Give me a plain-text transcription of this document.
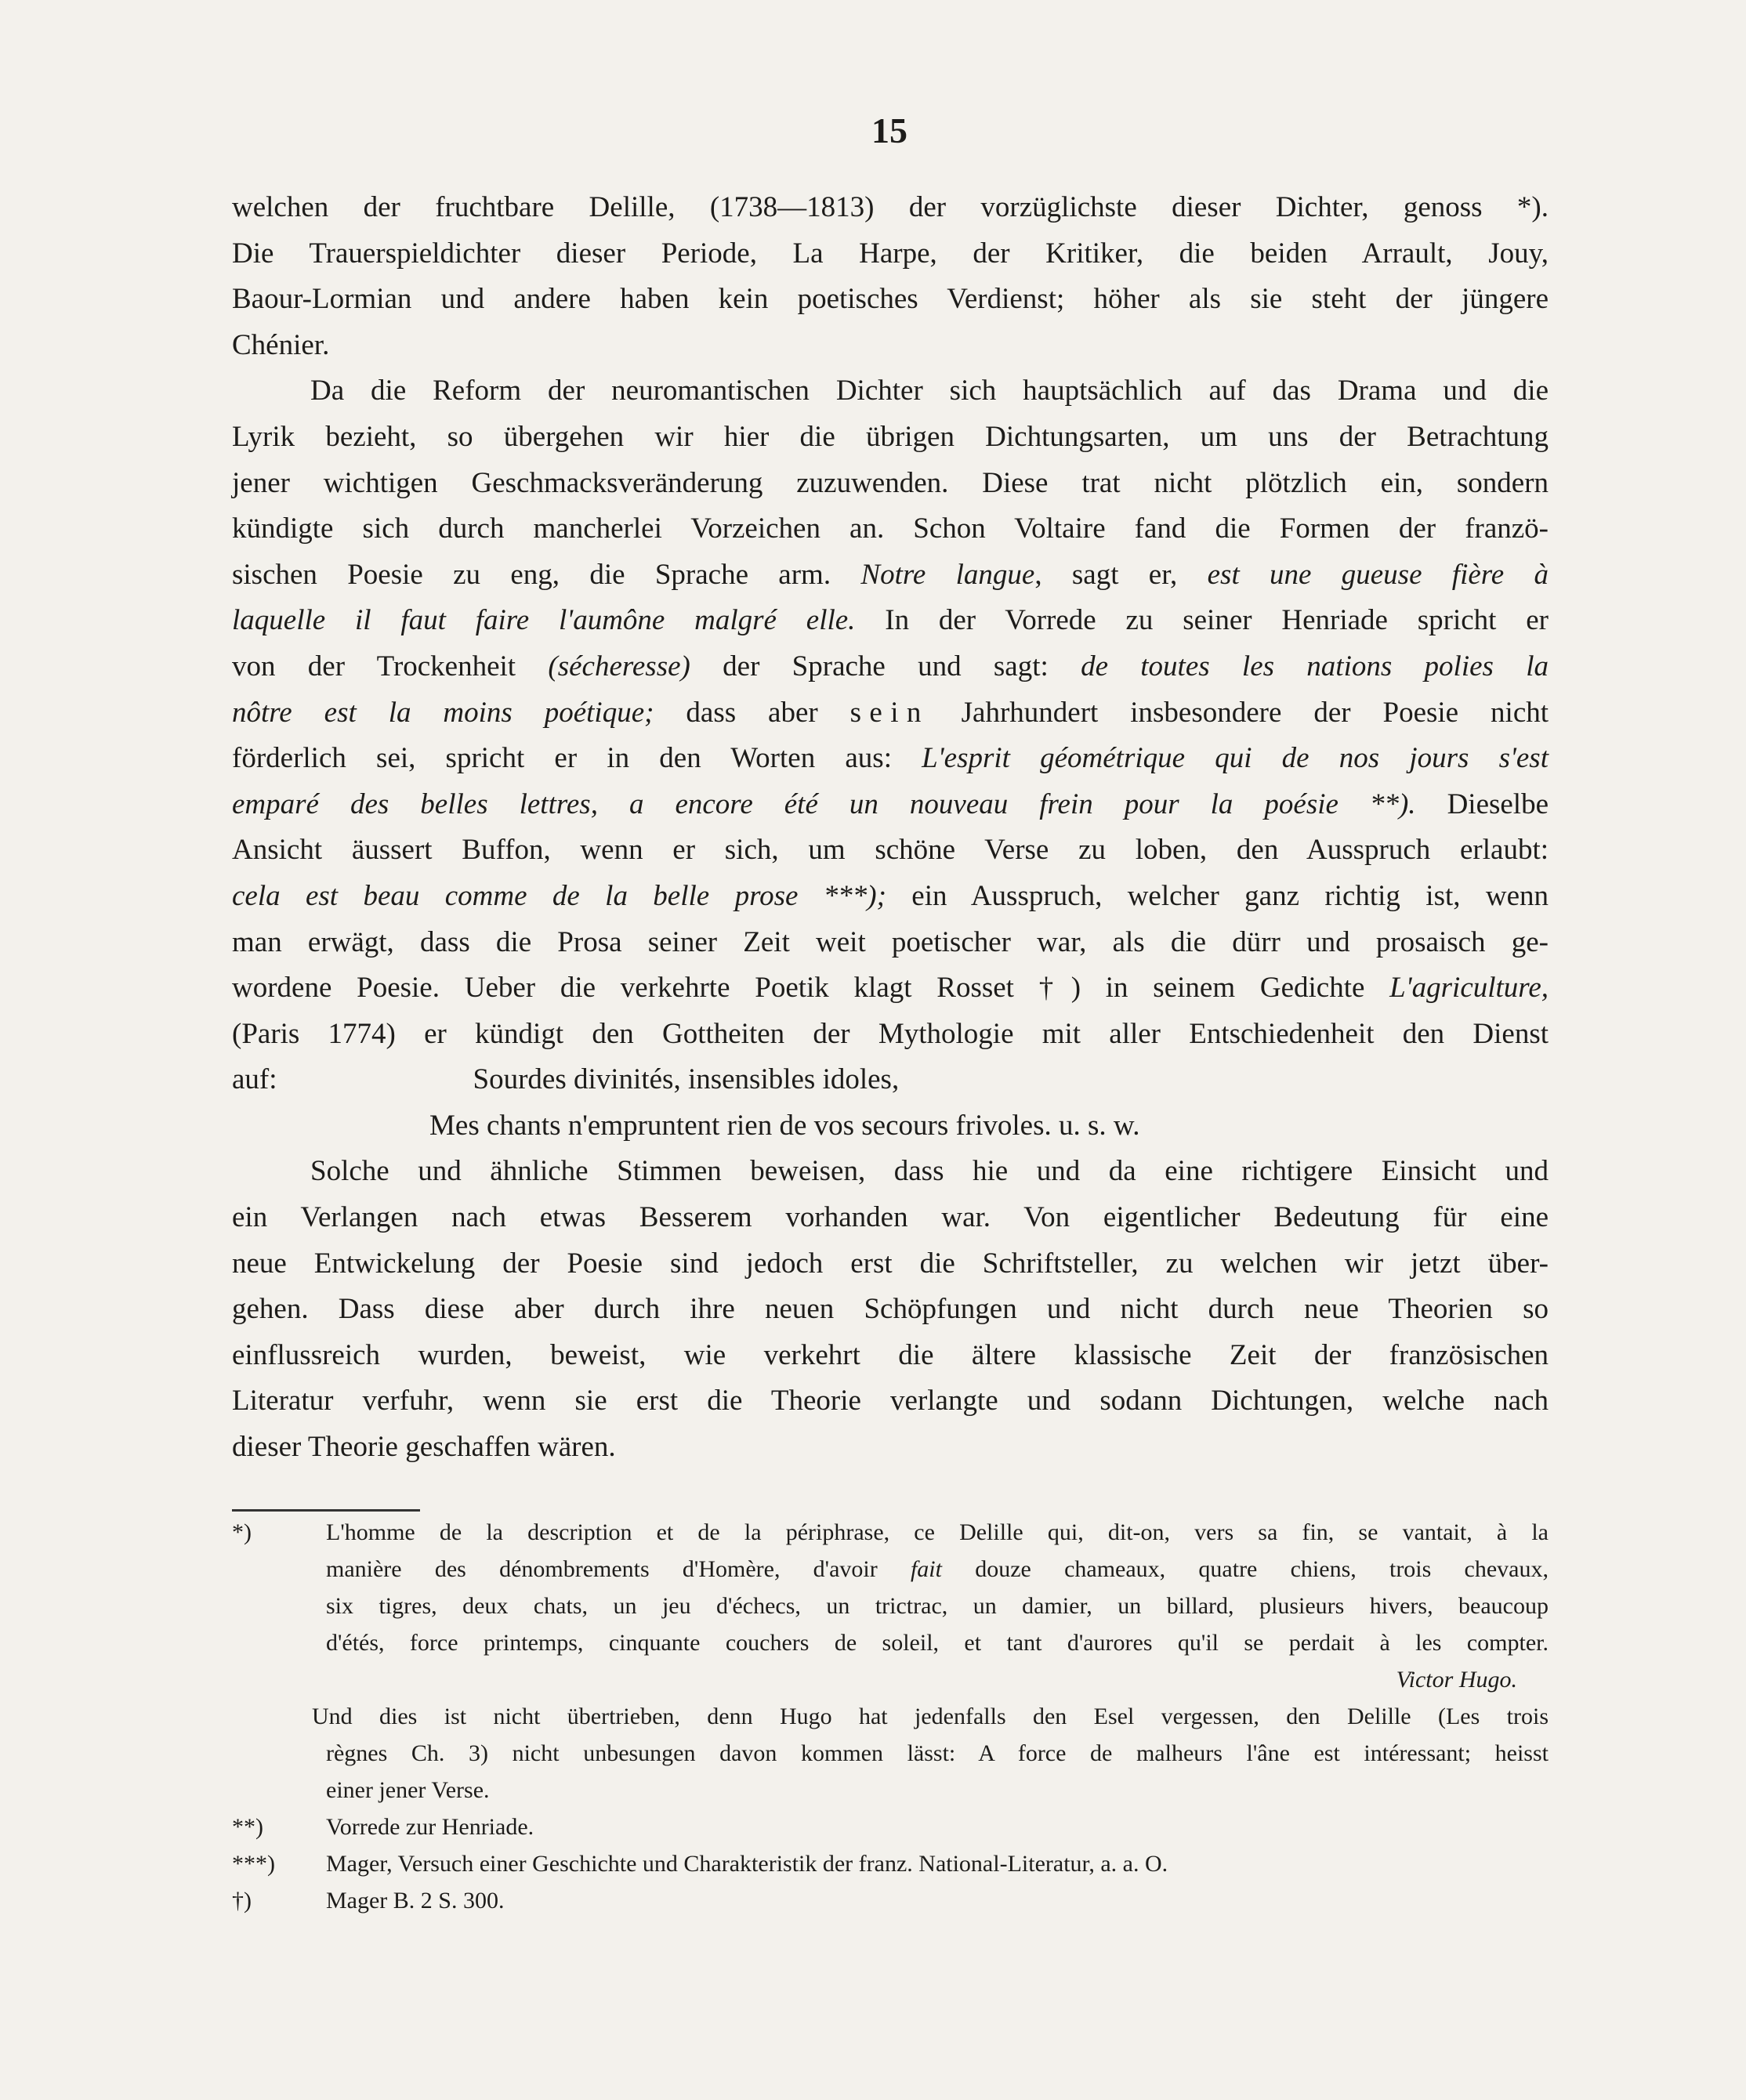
15
welchen der fruchtbare Delille, (1738—1813) der vorzüglichste dieser Dichter, genoss *).
Die Trauerspieldichter dieser Periode, La Harpe, der Kritiker, die beiden Arrault, Jouy,
Baour-Lormian und andere haben kein poetisches Verdienst; höher als sie steht der jüngere
Chénier.
Da die Reform der neuromantischen Dichter sich hauptsächlich auf das Drama und die
Lyrik bezieht, so übergehen wir hier die übrigen Dichtungsarten, um uns der Betrachtung
jener wichtigen Geschmacksveränderung zuzuwenden. Diese trat nicht plötzlich ein, sondern
kündigte sich durch mancherlei Vorzeichen an. Schon Voltaire fand die Formen der franzö-
sischen Poesie zu eng, die Sprache arm. Notre langue, sagt er, est une gueuse fière à
laquelle il faut faire l'aumône malgré elle. In der Vorrede zu seiner Henriade spricht er
von der Trockenheit (sécheresse) der Sprache und sagt: de toutes les nations polies la
nôtre est la moins poétique; dass aber sein Jahrhundert insbesondere der Poesie nicht
förderlich sei, spricht er in den Worten aus: L'esprit géométrique qui de nos jours s'est
emparé des belles lettres, a encore été un nouveau frein pour la poésie **). Dieselbe
Ansicht äussert Buffon, wenn er sich, um schöne Verse zu loben, den Ausspruch erlaubt:
cela est beau comme de la belle prose ***); ein Ausspruch, welcher ganz richtig ist, wenn
man erwägt, dass die Prosa seiner Zeit weit poetischer war, als die dürr und prosaisch ge-
wordene Poesie. Ueber die verkehrte Poetik klagt Rosset †) in seinem Gedichte L'agriculture,
(Paris 1774) er kündigt den Gottheiten der Mythologie mit aller Entschiedenheit den Dienst
auf:	Sourdes divinités, insensibles idoles,
Mes chants n'empruntent rien de vos secours frivoles. u. s. w.
Solche und ähnliche Stimmen beweisen, dass hie und da eine richtigere Einsicht und
ein Verlangen nach etwas Besserem vorhanden war. Von eigentlicher Bedeutung für eine
neue Entwickelung der Poesie sind jedoch erst die Schriftsteller, zu welchen wir jetzt über-
gehen. Dass diese aber durch ihre neuen Schöpfungen und nicht durch neue Theorien so
einflussreich wurden, beweist, wie verkehrt die ältere klassische Zeit der französischen
Literatur verfuhr, wenn sie erst die Theorie verlangte und sodann Dichtungen, welche nach
dieser Theorie geschaffen wären.
*)	L'homme de la description et de la périphrase, ce Delille qui, dit-on, vers sa fin, se vantait, à la
manière des dénombrements d'Homère, d'avoir fait douze chameaux, quatre chiens, trois chevaux,
six tigres, deux chats, un jeu d'échecs, un trictrac, un damier, un billard, plusieurs hivers, beaucoup
d'étés, force printemps, cinquante couchers de soleil, et tant d'aurores qu'il se perdait à les compter.
Victor Hugo.
Und dies ist nicht übertrieben, denn Hugo hat jedenfalls den Esel vergessen, den Delille (Les trois
règnes Ch. 3) nicht unbesungen davon kommen lässt: A force de malheurs l'âne est intéressant; heisst
einer jener Verse.
**)	Vorrede zur Henriade.
***) Mager, Versuch einer Geschichte und Charakteristik der franz. National-Literatur, a. a. O.
†)	Mager B. 2 S. 300.
